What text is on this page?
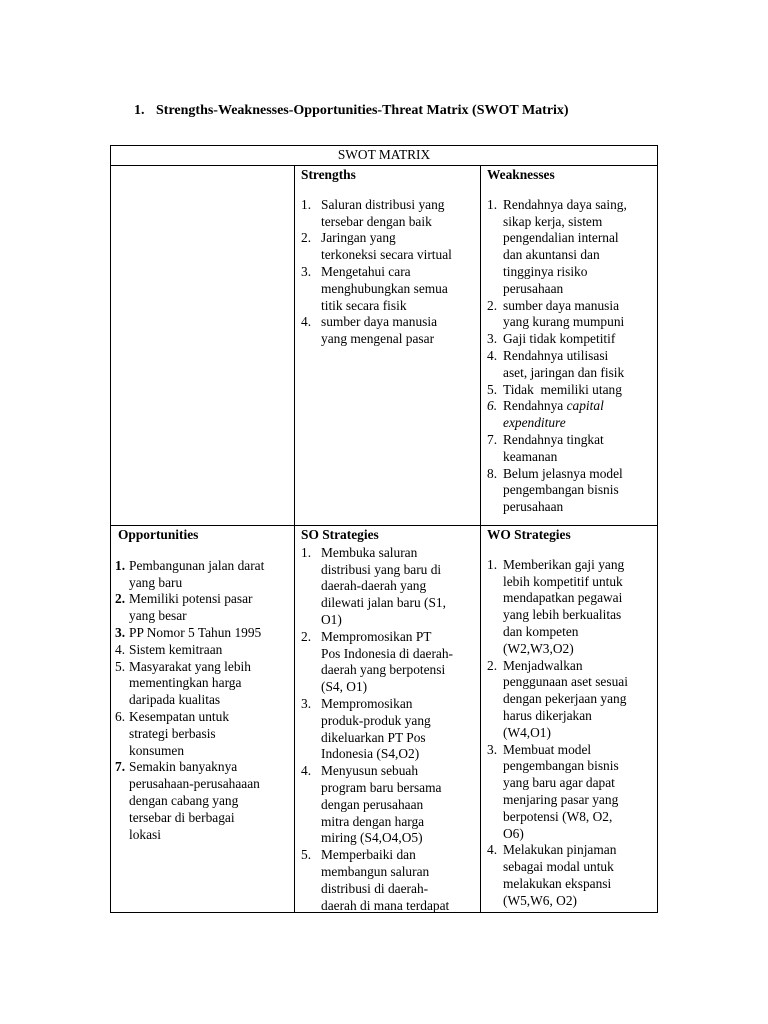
1. Strengths-Weaknesses-Opportunities-Threat Matrix (SWOT Matrix)
SWOT MATRIX
Strengths
1. Saluran distribusi yang
tersebar dengan baik
2. Jaringan yang
terkoneksi secara virtual
3. Mengetahui cara
menghubungkan semua
titik secara fisik
4. sumber daya manusia
yang mengenal pasar
Weaknesses
1. Rendahnya daya saing,
sikap kerja, sistem
pengendalian internal
dan akuntansi dan
tingginya risiko
perusahaan
2. sumber daya manusia
yang kurang mumpuni
3. Gaji tidak kompetitif
4. Rendahnya utilisasi
aset, jaringan dan fisik
5. Tidak  memiliki utang
6. Rendahnya capital
expenditure
7. Rendahnya tingkat
keamanan
8. Belum jelasnya model
pengembangan bisnis
perusahaan
Opportunities
1. Pembangunan jalan darat
yang baru
2. Memiliki potensi pasar
yang besar
3. PP Nomor 5 Tahun 1995
4. Sistem kemitraan
5. Masyarakat yang lebih
mementingkan harga
daripada kualitas
6. Kesempatan untuk
strategi berbasis
konsumen
7. Semakin banyaknya
perusahaan-perusahaaan
dengan cabang yang
tersebar di berbagai
lokasi
SO Strategies
1. Membuka saluran
distribusi yang baru di
daerah-daerah yang
dilewati jalan baru (S1,
O1)
2. Mempromosikan PT
Pos Indonesia di daerah-
daerah yang berpotensi
(S4, O1)
3. Mempromosikan
produk-produk yang
dikeluarkan PT Pos
Indonesia (S4,O2)
4. Menyusun sebuah
program baru bersama
dengan perusahaan
mitra dengan harga
miring (S4,O4,O5)
5. Memperbaiki dan
membangun saluran
distribusi di daerah-
daerah di mana terdapat
WO Strategies
1. Memberikan gaji yang
lebih kompetitif untuk
mendapatkan pegawai
yang lebih berkualitas
dan kompeten
(W2,W3,O2)
2. Menjadwalkan
penggunaan aset sesuai
dengan pekerjaan yang
harus dikerjakan
(W4,O1)
3. Membuat model
pengembangan bisnis
yang baru agar dapat
menjaring pasar yang
berpotensi (W8, O2,
O6)
4. Melakukan pinjaman
sebagai modal untuk
melakukan ekspansi
(W5,W6, O2)
